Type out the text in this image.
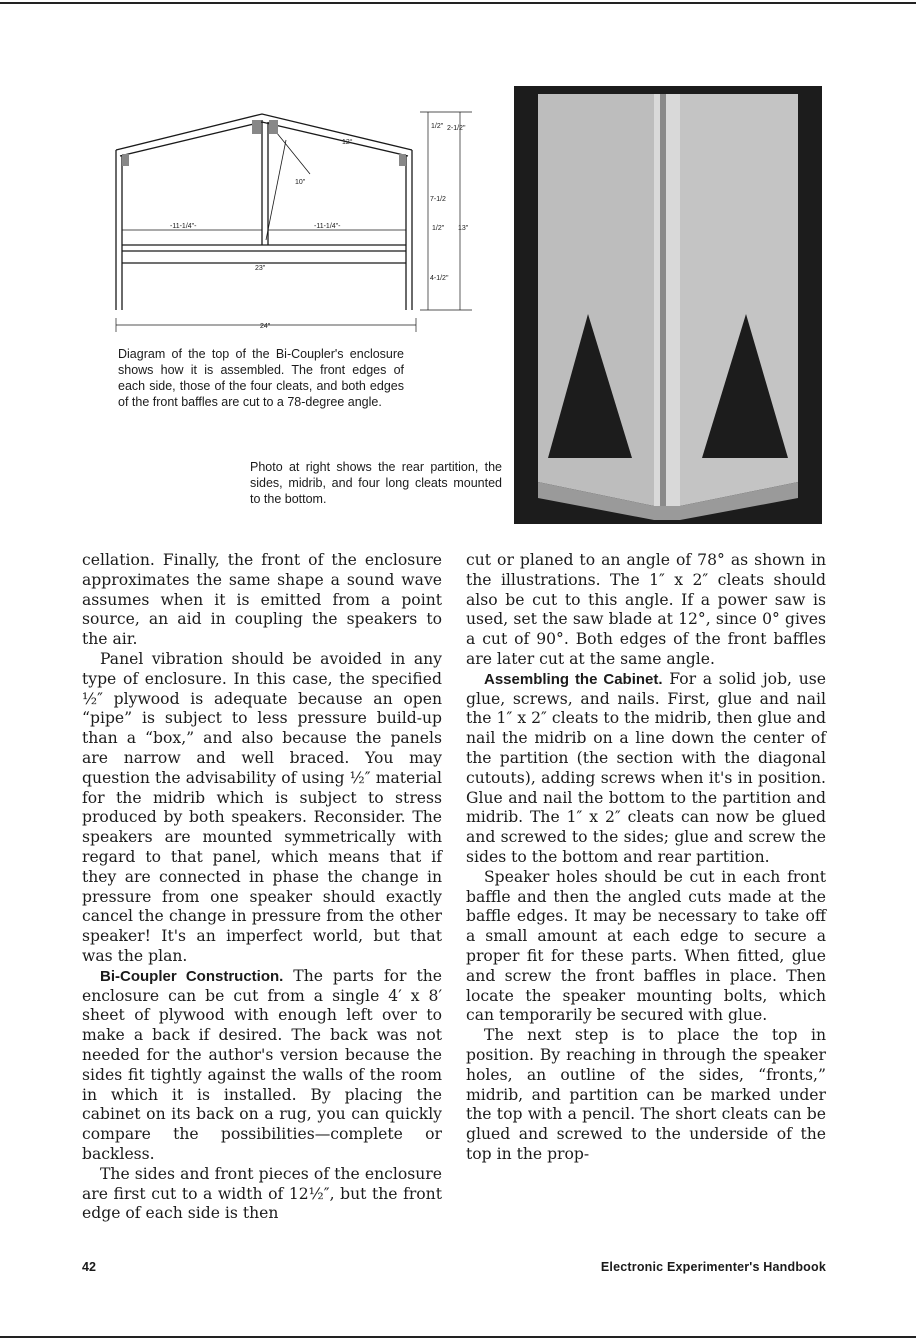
1/2" 2-1/2"
12°
10"
7-1/2
-11-1/4"-	-11-1/4"-	1/2" 13"
23"
4-1/2"
24"
Diagram of the top of the Bi-Coupler's enclosure shows how it is assembled. The front edges of each side, those of the four cleats, and both edges of the front baffles are cut to a 78-degree angle.
Photo at right shows the rear partition, the sides, midrib, and four long cleats mounted to the bottom.

cellation. Finally, the front of the enclosure approximates the same shape a sound wave assumes when it is emitted from a point source, an aid in coupling the speakers to the air.

Panel vibration should be avoided in any type of enclosure. In this case, the specified ½″ plywood is adequate because an open “pipe” is subject to less pressure build-up than a “box,” and also because the panels are narrow and well braced. You may question the advisability of using ½″ material for the midrib which is subject to stress produced by both speakers. Reconsider. The speakers are mounted symmetrically with regard to that panel, which means that if they are connected in phase the change in pressure from one speaker should exactly cancel the change in pressure from the other speaker! It's an imperfect world, but that was the plan.

Bi-Coupler Construction. The parts for the enclosure can be cut from a single 4′ x 8′ sheet of plywood with enough left over to make a back if desired. The back was not needed for the author's version because the sides fit tightly against the walls of the room in which it is installed. By placing the cabinet on its back on a rug, you can quickly compare the possibilities—complete or backless.

The sides and front pieces of the enclosure are first cut to a width of 12½″, but the front edge of each side is then

cut or planed to an angle of 78° as shown in the illustrations. The 1″ x 2″ cleats should also be cut to this angle. If a power saw is used, set the saw blade at 12°, since 0° gives a cut of 90°. Both edges of the front baffles are later cut at the same angle.

Assembling the Cabinet. For a solid job, use glue, screws, and nails. First, glue and nail the 1″ x 2″ cleats to the midrib, then glue and nail the midrib on a line down the center of the partition (the section with the diagonal cutouts), adding screws when it's in position. Glue and nail the bottom to the partition and midrib. The 1″ x 2″ cleats can now be glued and screwed to the sides; glue and screw the sides to the bottom and rear partition.

Speaker holes should be cut in each front baffle and then the angled cuts made at the baffle edges. It may be necessary to take off a small amount at each edge to secure a proper fit for these parts. When fitted, glue and screw the front baffles in place. Then locate the speaker mounting bolts, which can temporarily be secured with glue.

The next step is to place the top in position. By reaching in through the speaker holes, an outline of the sides, “fronts,” midrib, and partition can be marked under the top with a pencil. The short cleats can be glued and screwed to the underside of the top in the prop-

42	Electronic Experimenter's Handbook
